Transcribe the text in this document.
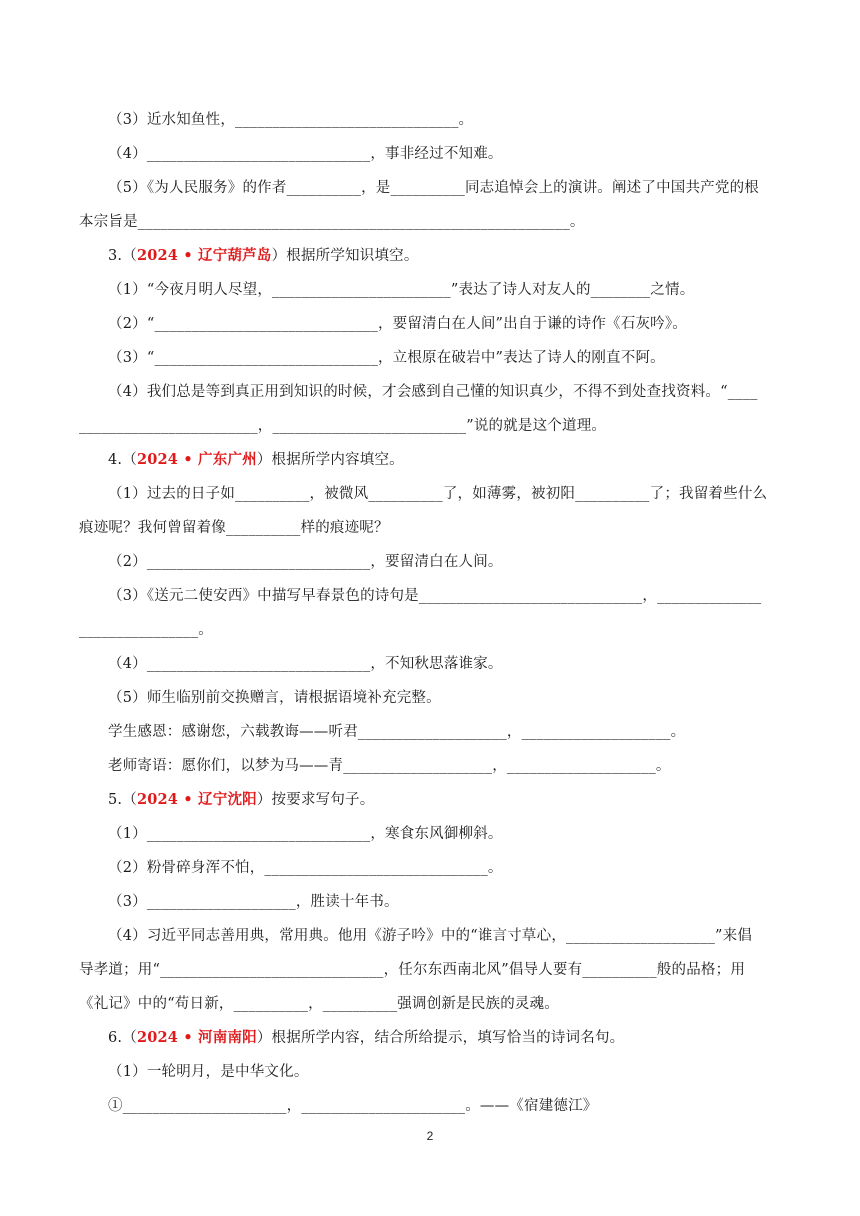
（3）近水知鱼性，______________________________。
（4）______________________________，事非经过不知难。
（5）《为人民服务》的作者__________，是__________同志追悼会上的演讲。阐述了中国共产党的根
本宗旨是__________________________________________________________。
3.（2024 • 辽宁葫芦岛）根据所学知识填空。
（1）“今夜月明人尽望，________________________”表达了诗人对友人的________之情。
（2）“______________________________，要留清白在人间”出自于谦的诗作《石灰吟》。
（3）“______________________________，立根原在破岩中”表达了诗人的刚直不阿。
（4）我们总是等到真正用到知识的时候，才会感到自己懂的知识真少，不得不到处查找资料。“____
________________________，__________________________”说的就是这个道理。
4.（2024 • 广东广州）根据所学内容填空。
（1）过去的日子如__________，被微风__________了，如薄雾，被初阳__________了；我留着些什么
痕迹呢？我何曾留着像__________样的痕迹呢？
（2）______________________________，要留清白在人间。
（3）《送元二使安西》中描写早春景色的诗句是______________________________，______________
________________。
（4）______________________________，不知秋思落谁家。
（5）师生临别前交换赠言，请根据语境补充完整。
学生感恩：感谢您，六载教诲——听君____________________，____________________。
老师寄语：愿你们，以梦为马——青____________________，____________________。
5.（2024 • 辽宁沈阳）按要求写句子。
（1）______________________________，寒食东风御柳斜。
（2）粉骨碎身浑不怕，______________________________。
（3）____________________，胜读十年书。
（4）习近平同志善用典，常用典。他用《游子吟》中的“谁言寸草心，____________________”来倡
导孝道；用“______________________________，任尔东西南北风”倡导人要有__________般的品格；用
《礼记》中的“苟日新，__________，__________强调创新是民族的灵魂。
6.（2024 • 河南南阳）根据所学内容，结合所给提示，填写恰当的诗词名句。
（1）一轮明月，是中华文化。
①______________________，______________________。——《宿建德江》
2
